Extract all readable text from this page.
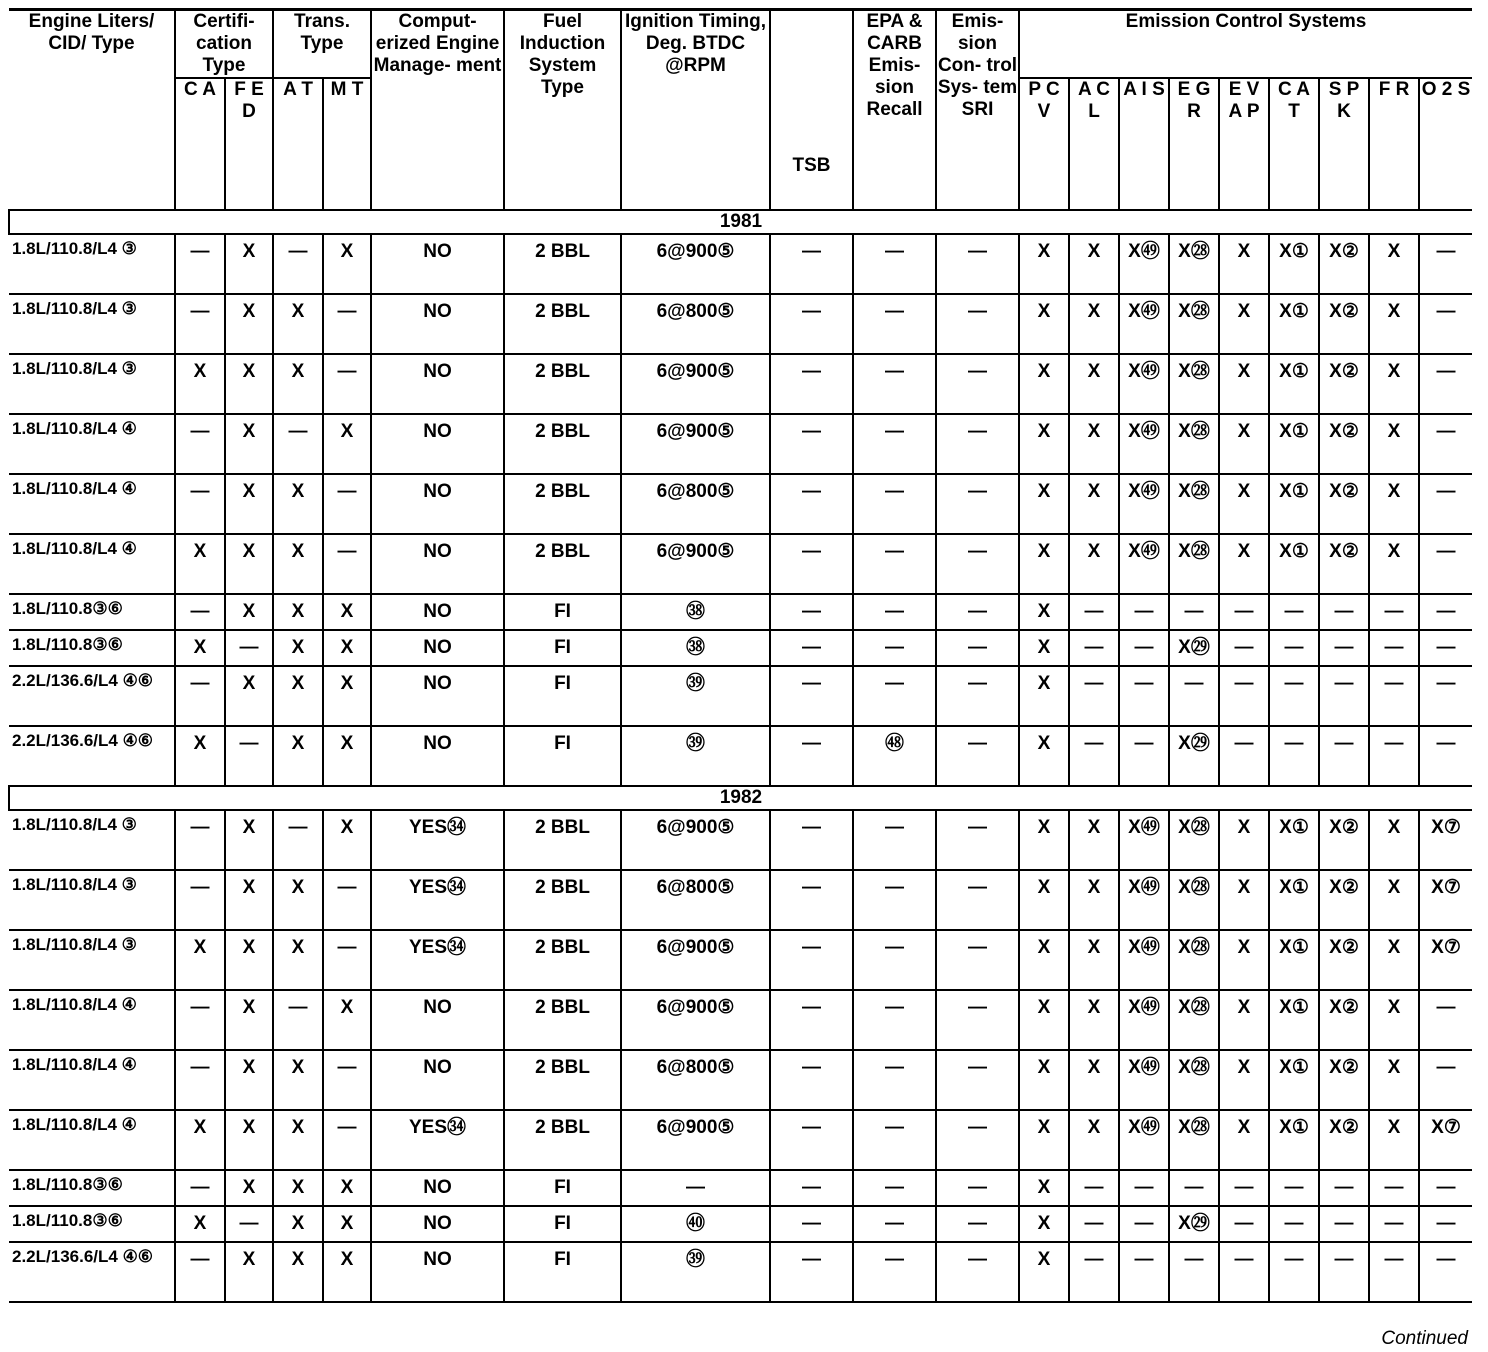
Engine Liters/ CID/ Type	Certifi- cation Type		Trans. Type		Comput- erized Engine Manage- ment	Fuel Induction System Type	Ignition Timing, Deg. BTDC @RPM	TSB	EPA & CARB Emis- sion Recall	Emis- sion Con- trol Sys- tem SRI	Emission Control Systems								
	C A	F E D	A T	M T							P C V	A C L	A I S	E G R	E V A P	C A T	S P K	F R	O 2 S
1981																			
1.8L/110.8/L4 ③	—	X	—	X	NO	2 BBL	6@900⑤	—	—	—	X	X	X㊾	X㉘	X	X①	X②	X	—
1.8L/110.8/L4 ③	—	X	X	—	NO	2 BBL	6@800⑤	—	—	—	X	X	X㊾	X㉘	X	X①	X②	X	—
1.8L/110.8/L4 ③	X	X	X	—	NO	2 BBL	6@900⑤	—	—	—	X	X	X㊾	X㉘	X	X①	X②	X	—
1.8L/110.8/L4 ④	—	X	—	X	NO	2 BBL	6@900⑤	—	—	—	X	X	X㊾	X㉘	X	X①	X②	X	—
1.8L/110.8/L4 ④	—	X	X	—	NO	2 BBL	6@800⑤	—	—	—	X	X	X㊾	X㉘	X	X①	X②	X	—
1.8L/110.8/L4 ④	X	X	X	—	NO	2 BBL	6@900⑤	—	—	—	X	X	X㊾	X㉘	X	X①	X②	X	—
1.8L/110.8③⑥	—	X	X	X	NO	FI	㊳	—	—	—	X	—	—	—	—	—	—	—	—
1.8L/110.8③⑥	X	—	X	X	NO	FI	㊳	—	—	—	X	—	—	X㉙	—	—	—	—	—
2.2L/136.6/L4 ④⑥	—	X	X	X	NO	FI	㊴	—	—	—	X	—	—	—	—	—	—	—	—
2.2L/136.6/L4 ④⑥	X	—	X	X	NO	FI	㊴	—	㊽	—	X	—	—	X㉙	—	—	—	—	—
1982																			
1.8L/110.8/L4 ③	—	X	—	X	YES㉞	2 BBL	6@900⑤	—	—	—	X	X	X㊾	X㉘	X	X①	X②	X	X⑦
1.8L/110.8/L4 ③	—	X	X	—	YES㉞	2 BBL	6@800⑤	—	—	—	X	X	X㊾	X㉘	X	X①	X②	X	X⑦
1.8L/110.8/L4 ③	X	X	X	—	YES㉞	2 BBL	6@900⑤	—	—	—	X	X	X㊾	X㉘	X	X①	X②	X	X⑦
1.8L/110.8/L4 ④	—	X	—	X	NO	2 BBL	6@900⑤	—	—	—	X	X	X㊾	X㉘	X	X①	X②	X	—
1.8L/110.8/L4 ④	—	X	X	—	NO	2 BBL	6@800⑤	—	—	—	X	X	X㊾	X㉘	X	X①	X②	X	—
1.8L/110.8/L4 ④	X	X	X	—	YES㉞	2 BBL	6@900⑤	—	—	—	X	X	X㊾	X㉘	X	X①	X②	X	X⑦
1.8L/110.8③⑥	—	X	X	X	NO	FI	—	—	—	—	X	—	—	—	—	—	—	—	—
1.8L/110.8③⑥	X	—	X	X	NO	FI	㊵	—	—	—	X	—	—	X㉙	—	—	—	—	—
2.2L/136.6/L4 ④⑥	—	X	X	X	NO	FI	㊴	—	—	—	X	—	—	—	—	—	—	—	—
Continued
